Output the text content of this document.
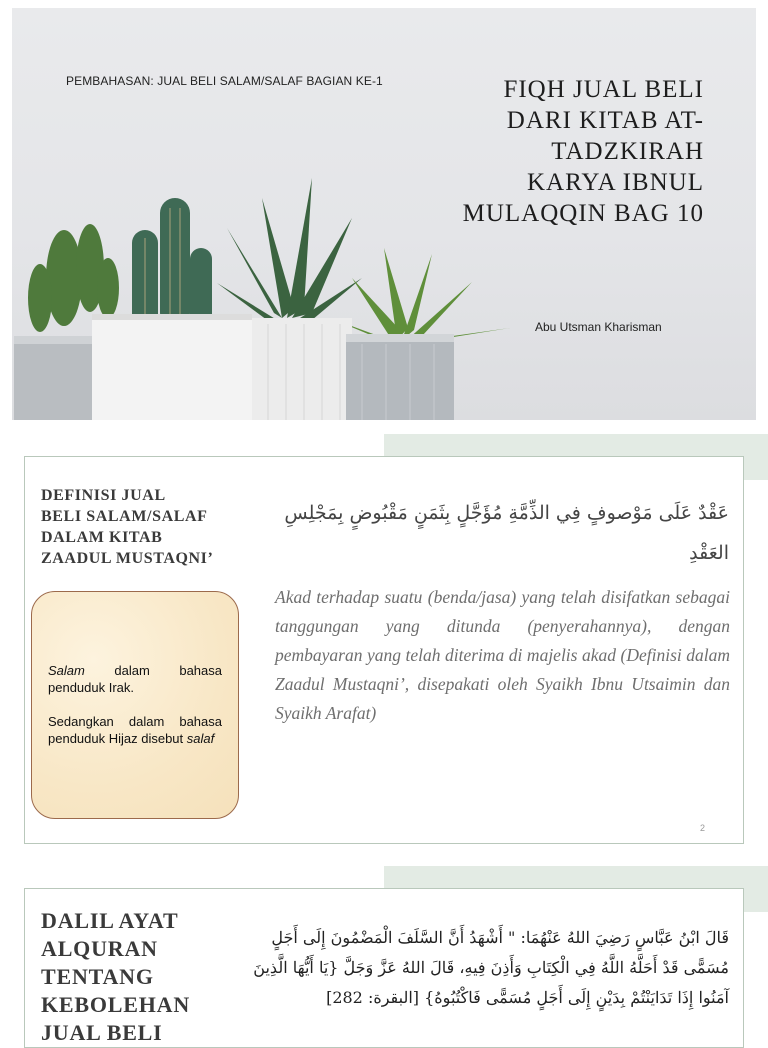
PEMBAHASAN: JUAL BELI SALAM/SALAF BAGIAN KE-1	FIQH JUAL BELI
DARI KITAB AT-
TADZKIRAH
KARYA IBNUL
MULAQQIN BAG 10
Abu Utsman Kharisman
DEFINISI JUAL
BELI SALAM/SALAF
DALAM KITAB
ZAADUL MUSTAQNI’

Salam dalam bahasa penduduk Irak.

Sedangkan dalam bahasa penduduk Hijaz disebut salaf

عَقْدٌ عَلَى مَوْصوفٍ فِي الذِّمَّةِ مُؤَجَّلٍ بِثَمَنٍ مَقْبُوضٍ بِمَجْلِسِ العَقْدِ
Akad terhadap suatu (benda/jasa) yang telah disifatkan sebagai tanggungan yang ditunda (penyerahannya), dengan pembayaran yang telah diterima di majelis akad (Definisi dalam Zaadul Mustaqni’, disepakati oleh Syaikh Ibnu Utsaimin dan Syaikh Arafat)
2
DALIL AYAT
ALQURAN
TENTANG
KEBOLEHAN
JUAL BELI
قَالَ ابْنُ عَبَّاسٍ رَضِيَ اللهُ عَنْهُمَا: " أَشْهَدُ أَنَّ السَّلَفَ الْمَضْمُونَ إِلَى أَجَلٍ مُسَمًّى قَدْ أَحَلَّهُ اللَّهُ فِي الْكِتَابِ وَأَذِنَ فِيهِ، قَالَ اللهُ عَزَّ وَجَلَّ {يَا أَيُّهَا الَّذِينَ آمَنُوا إِذَا تَدَايَنْتُمْ بِدَيْنٍ إِلَى أَجَلٍ مُسَمًّى فَاكْتُبُوهُ} [البقرة: 282]
